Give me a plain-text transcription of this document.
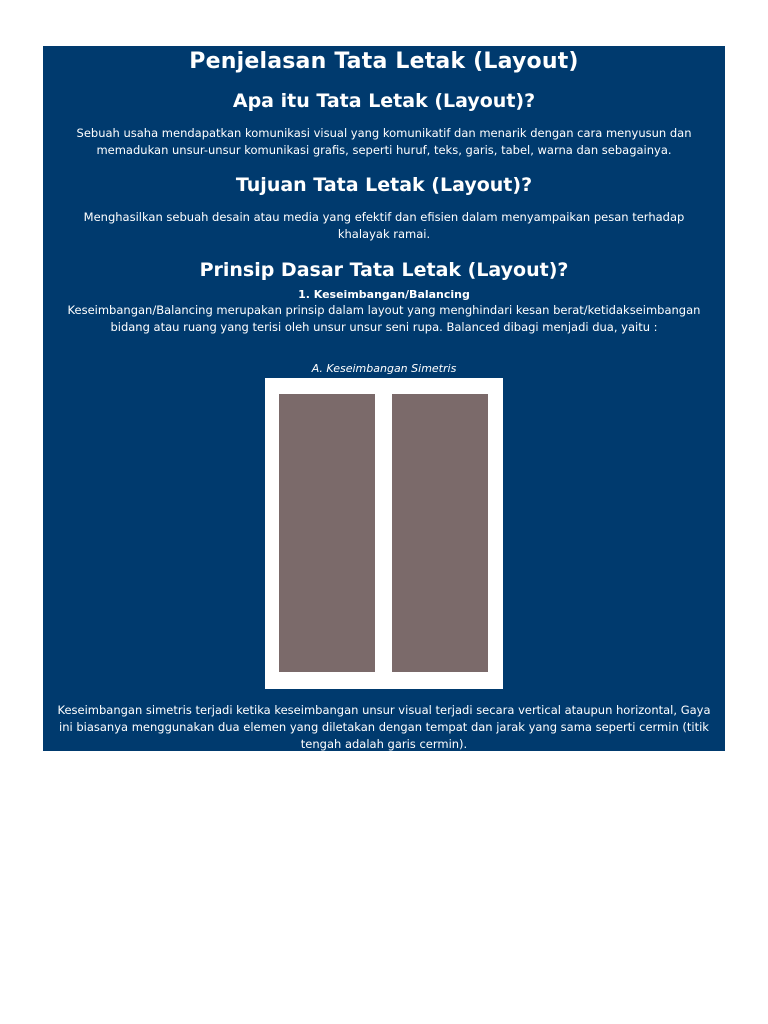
Penjelasan Tata Letak (Layout)
Apa itu Tata Letak (Layout)?

Sebuah usaha mendapatkan komunikasi visual yang komunikatif dan menarik dengan cara menyusun dan memadukan unsur-unsur komunikasi grafis, seperti huruf, teks, garis, tabel, warna dan sebagainya.

Tujuan Tata Letak (Layout)?

Menghasilkan sebuah desain atau media yang efektif dan efisien dalam menyampaikan pesan terhadap khalayak ramai.

Prinsip Dasar Tata Letak (Layout)?

1. Keseimbangan/Balancing

Keseimbangan/Balancing merupakan prinsip dalam layout yang menghindari kesan berat/ketidakseimbangan bidang atau ruang yang terisi oleh unsur unsur seni rupa. Balanced dibagi menjadi dua, yaitu :

A. Keseimbangan Simetris

Keseimbangan simetris terjadi ketika keseimbangan unsur visual terjadi secara vertical ataupun horizontal, Gaya ini biasanya menggunakan dua elemen yang diletakan dengan tempat dan jarak yang sama seperti cermin (titik tengah adalah garis cermin).
